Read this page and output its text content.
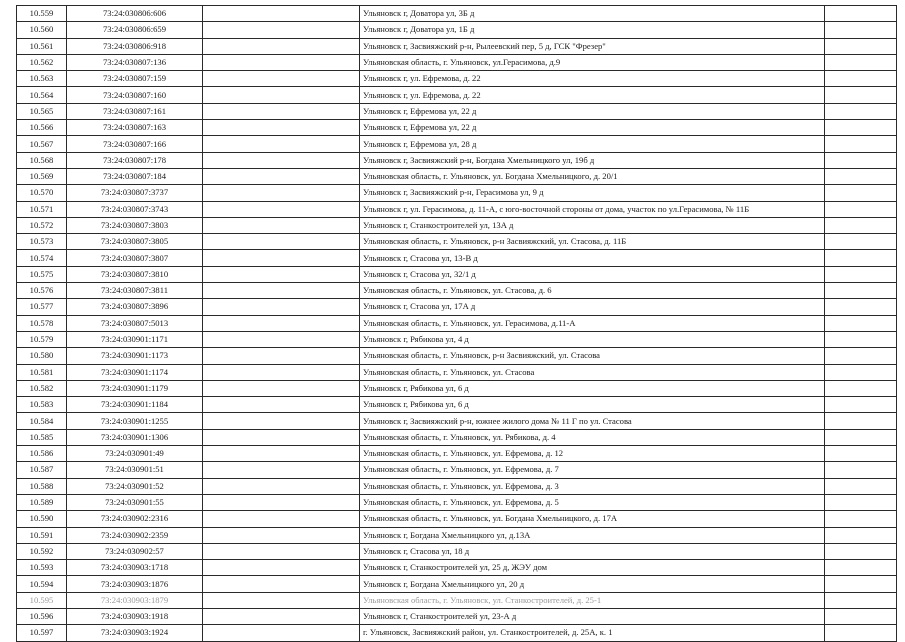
10.559	73:24:030806:606		Ульяновск г, Доватора ул, 3Б д	
10.560	73:24:030806:659		Ульяновск г, Доватора ул, 1Б д	
10.561	73:24:030806:918		Ульяновск г, Засвияжский р-н, Рылеевский пер, 5 д, ГСК "Фрезер"	
10.562	73:24:030807:136		Ульяновская область, г. Ульяновск, ул.Герасимова, д.9	
10.563	73:24:030807:159		Ульяновск г, ул. Ефремова, д. 22	
10.564	73:24:030807:160		Ульяновск г, ул. Ефремова, д. 22	
10.565	73:24:030807:161		Ульяновск г, Ефремова ул, 22 д	
10.566	73:24:030807:163		Ульяновск г, Ефремова ул, 22 д	
10.567	73:24:030807:166		Ульяновск г, Ефремова ул, 28 д	
10.568	73:24:030807:178		Ульяновск г, Засвияжский р-н, Богдана Хмельницкого ул, 19б д	
10.569	73:24:030807:184		Ульяновская область, г. Ульяновск, ул. Богдана Хмельницкого, д. 20/1	
10.570	73:24:030807:3737		Ульяновск г, Засвияжский р-н, Герасимова ул, 9 д	
10.571	73:24:030807:3743		Ульяновск г, ул. Герасимова, д. 11-А, с юго-восточной стороны от дома, участок по ул.Герасимова, № 11Б	
10.572	73:24:030807:3803		Ульяновск г, Станкостроителей ул, 13А д	
10.573	73:24:030807:3805		Ульяновская область, г. Ульяновск, р-н Засвияжский, ул. Стасова, д. 11Б	
10.574	73:24:030807:3807		Ульяновск г, Стасова ул, 13-В д	
10.575	73:24:030807:3810		Ульяновск г, Стасова ул, 32/1 д	
10.576	73:24:030807:3811		Ульяновская область, г. Ульяновск, ул. Стасова, д. 6	
10.577	73:24:030807:3896		Ульяновск г, Стасова ул, 17А д	
10.578	73:24:030807:5013		Ульяновская область, г. Ульяновск, ул. Герасимова, д.11-А	
10.579	73:24:030901:1171		Ульяновск г, Рябикова ул, 4 д	
10.580	73:24:030901:1173		Ульяновская область, г. Ульяновск, р-н Засвияжский, ул. Стасова	
10.581	73:24:030901:1174		Ульяновская область, г. Ульяновск, ул. Стасова	
10.582	73:24:030901:1179		Ульяновск г, Рябикова ул, 6 д	
10.583	73:24:030901:1184		Ульяновск г, Рябикова ул, 6 д	
10.584	73:24:030901:1255		Ульяновск г, Засвияжский р-н, южнее жилого дома № 11 Г по ул. Стасова	
10.585	73:24:030901:1306		Ульяновская область, г. Ульяновск, ул. Рябикова, д. 4	
10.586	73:24:030901:49		Ульяновская область, г. Ульяновск, ул. Ефремова, д. 12	
10.587	73:24:030901:51		Ульяновская область, г. Ульяновск, ул. Ефремова, д. 7	
10.588	73:24:030901:52		Ульяновская область, г. Ульяновск, ул. Ефремова, д. 3	
10.589	73:24:030901:55		Ульяновская область, г. Ульяновск, ул. Ефремова, д. 5	
10.590	73:24:030902:2316		Ульяновская область, г. Ульяновск, ул. Богдана Хмельницкого, д. 17А	
10.591	73:24:030902:2359		Ульяновск г, Богдана Хмельницкого ул, д.13А	
10.592	73:24:030902:57		Ульяновск г, Стасова ул, 18 д	
10.593	73:24:030903:1718		Ульяновск г, Станкостроителей ул, 25 д, ЖЭУ дом	
10.594	73:24:030903:1876		Ульяновск г, Богдана Хмельницкого ул, 20 д	
10.595	73:24:030903:1879		Ульяновская область, г. Ульяновск, ул. Станкостроителей, д. 25-1	
10.596	73:24:030903:1918		Ульяновск г, Станкостроителей ул, 23-А д	
10.597	73:24:030903:1924		г. Ульяновск, Засвияжский район, ул. Станкостроителей, д. 25А, к. 1	
